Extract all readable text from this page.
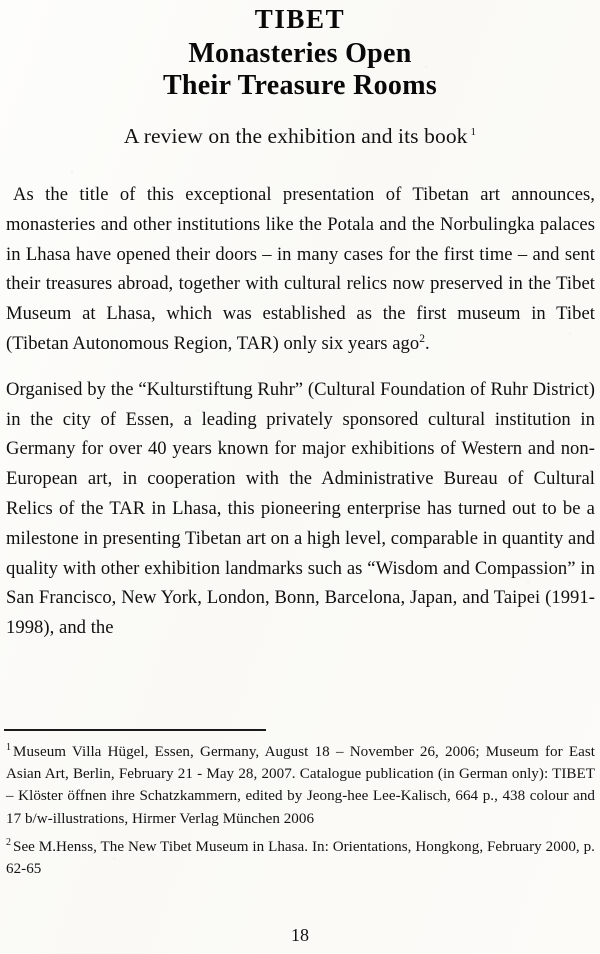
TIBET
Monasteries Open
Their Treasure Rooms

A review on the exhibition and its book $^1$

As the title of this exceptional presentation of Tibetan art announces, monasteries and other institutions like the Potala and the Norbulingka palaces in Lhasa have opened their doors – in many cases for the first time – and sent their treasures abroad, together with cultural relics now preserved in the Tibet Museum at Lhasa, which was established as the first museum in Tibet (Tibetan Autonomous Region, TAR) only six years ago$^2$.

Organised by the “Kulturstiftung Ruhr” (Cultural Foundation of Ruhr District) in the city of Essen, a leading privately sponsored cultural institution in Germany for over 40 years known for major exhibitions of Western and non-European art, in cooperation with the Administrative Bureau of Cultural Relics of the TAR in Lhasa, this pioneering enterprise has turned out to be a milestone in presenting Tibetan art on a high level, comparable in quantity and quality with other exhibition landmarks such as “Wisdom and Compassion” in San Francisco, New York, London, Bonn, Barcelona, Japan, and Taipei (1991-1998), and the

$^1$ Museum Villa Hügel, Essen, Germany, August 18 – November 26, 2006; Museum for East Asian Art, Berlin, February 21 - May 28, 2007. Catalogue publication (in German only): TIBET – Klöster öffnen ihre Schatzkammern, edited by Jeong-hee Lee-Kalisch, 664 p., 438 colour and 17 b/w-illustrations, Hirmer Verlag München 2006

$^2$ See M.Henss, The New Tibet Museum in Lhasa. In: Orientations, Hongkong, February 2000, p. 62-65

18
